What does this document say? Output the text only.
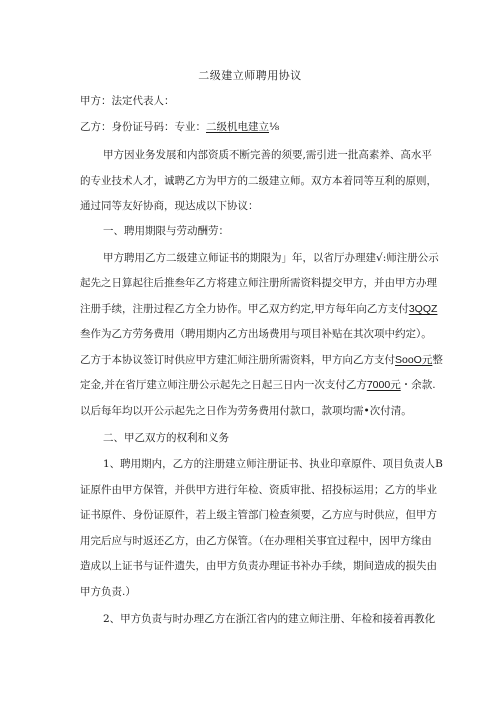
二级建立师聘用协议
甲方：法定代表人：
乙方：身份证号码：专业：二级机电建立⅛
甲方因业务发展和内部资质不断完善的须要,需引进一批高素养、高水平
的专业技术人才，诚聘乙方为甲方的二级建立师。双方本着同等互利的原则，
通过同等友好协商，现达成以下协议：
一、聘用期限与劳动酬劳：
甲方聘用乙方二级建立师证书的期限为」年，以省厅办理建√:师注册公示
起先之日算起往后推叁年乙方将建立师注册所需资料提交甲方，并由甲方办理
注册手续，注册过程乙方全力协作。甲乙双方约定,甲方每年向乙方支付3QQZ
叁作为乙方劳务费用（聘用期内乙方出场费用与项目补贴在其次项中约定）。
乙方于本协议签订时供应甲方建汇师注册所需资料，甲方向乙方支付SooO元整
定金,并在省厅建立师注册公示起先之日起三日内一次支付乙方7000元・余款.
以后每年均以开公示起先之日作为劳务费用付款口，款项均需•次付清。
二、甲乙双方的权利和义务
1、聘用期内，乙方的注册建立师注册证书、执业印章原件、项目负责人B
证原件由甲方保管，并供甲方进行年检、资质审批、招投标运用；乙方的毕业
证书原件、身份证原件，若上级主管部门检查须要，乙方应与时供应，但甲方
用完后应与时返还乙方，由乙方保管。（在办理相关事宜过程中，因甲方缘由
造成以上证书与证件遗失，由甲方负责办理证书补办手续，期间造成的损失由
甲方负责.）
2、甲方负责与时办理乙方在浙江省内的建立师注册、年检和接着再教化
